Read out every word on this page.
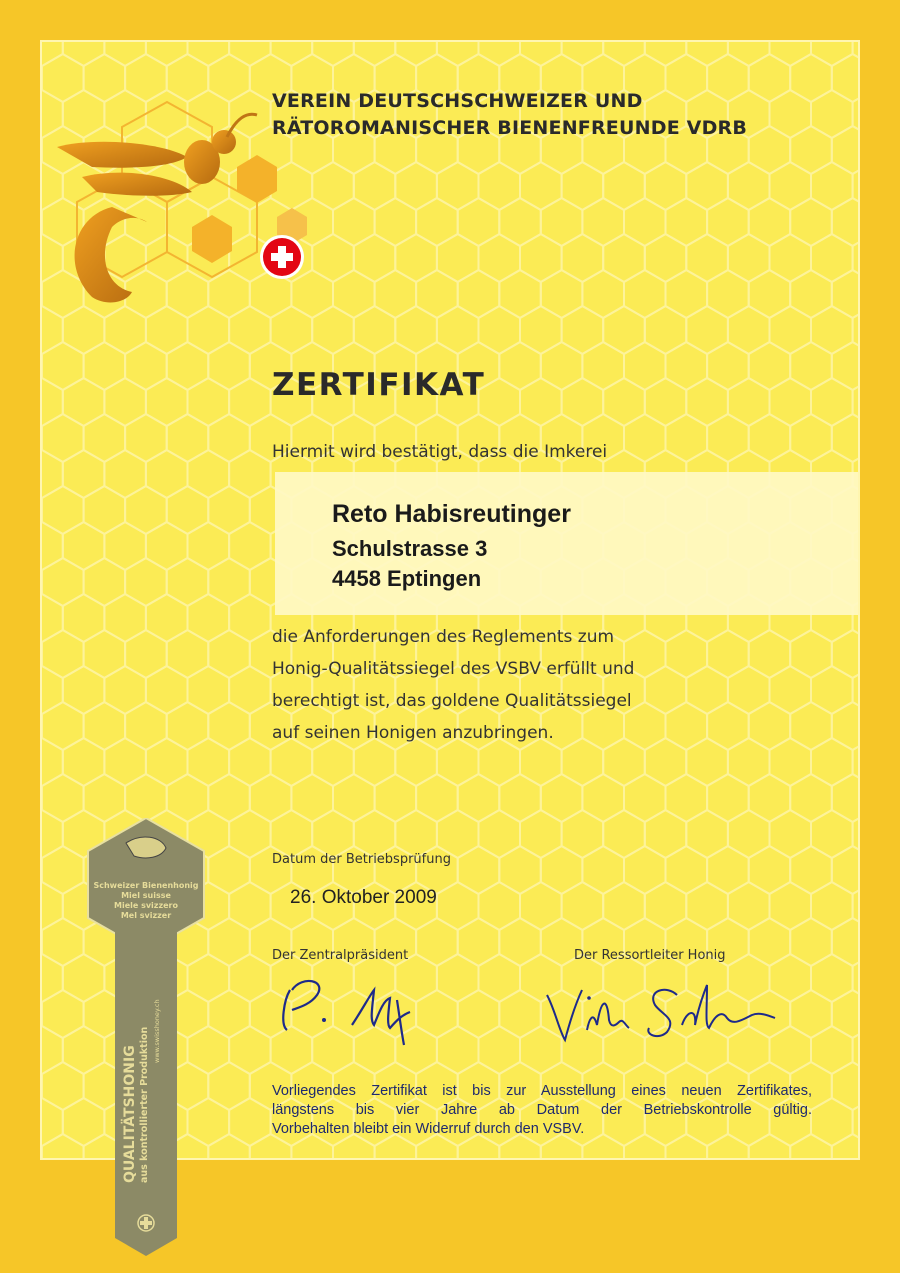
VEREIN DEUTSCHSCHWEIZER UND
RÄTOROMANISCHER BIENENFREUNDE VDRB
ZERTIFIKAT
Hiermit wird bestätigt, dass die Imkerei
Reto Habisreutinger
Schulstrasse 3
4458 Eptingen
die Anforderungen des Reglements zum
Honig-Qualitätssiegel des VSBV erfüllt und
berechtigt ist, das goldene Qualitätssiegel
auf seinen Honigen anzubringen.
Datum der Betriebsprüfung
26. Oktober 2009
Der Zentralpräsident	Der Ressortleiter Honig
Vorliegendes Zertifikat ist bis zur Ausstellung eines neuen Zertifikates,
längstens bis vier Jahre ab Datum der Betriebskontrolle gültig.
Vorbehalten bleibt ein Widerruf durch den VSBV.
Schweizer Bienenhonig
Miel suisse
Miele svizzero
Mel svizzer
QUALITÄTSHONIG aus kontrollierter Produktion www.swisshoney.ch
